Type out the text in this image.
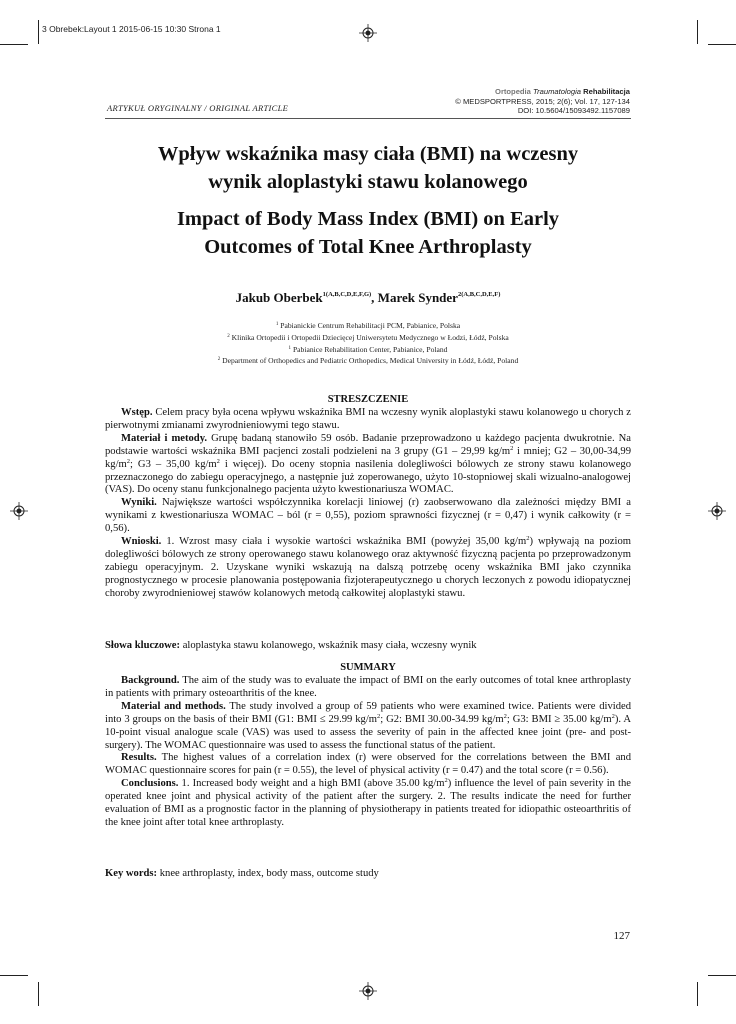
3 Obrebek:Layout 1 2015-06-15 10:30 Strona 1
Ortopedia Traumatologia Rehabilitacja
© MEDSPORTPRESS, 2015; 2(6); Vol. 17, 127-134
DOI: 10.5604/15093492.1157089
ARTYKUŁ ORYGINALNY / ORIGINAL ARTICLE
Wpływ wskaźnika masy ciała (BMI) na wczesny
wynik aloplastyki stawu kolanowego
Impact of Body Mass Index (BMI) on Early
Outcomes of Total Knee Arthroplasty
Jakub Oberbek$^{1(A,B,C,D,E,F,G)}$, Marek Synder$^{2(A,B,C,D,E,F)}$
$^1$ Pabianickie Centrum Rehabilitacji PCM, Pabianice, Polska
$^2$ Klinika Ortopedii i Ortopedii Dziecięcej Uniwersytetu Medycznego w Łodzi, Łódź, Polska
$^1$ Pabianice Rehabilitation Center, Pabianice, Poland
$^2$ Department of Orthopedics and Pediatric Orthopedics, Medical University in Łódź, Łódź, Poland
STRESZCZENIE

Wstęp. Celem pracy była ocena wpływu wskaźnika BMI na wczesny wynik aloplastyki stawu kolanowego u chorych z pierwotnymi zmianami zwyrodnieniowymi tego stawu.

Materiał i metody. Grupę badaną stanowiło 59 osób. Badanie przeprowadzono u każdego pacjenta dwukrotnie. Na podstawie wartości wskaźnika BMI pacjenci zostali podzieleni na 3 grupy (G1 – 29,99 $kg/m^2$ i mniej; G2 – 30,00-34,99 $kg/m^2$; G3 – 35,00 $kg/m^2$ i więcej). Do oceny stopnia nasilenia dolegliwości bólowych ze strony stawu kolanowego przeznaczonego do zabiegu operacyjnego, a następnie już zoperowanego, użyto 10-stopniowej skali wizualno-analogowej (VAS). Do oceny stanu funkcjonalnego pacjenta użyto kwestionariusza WOMAC.

Wyniki. Największe wartości współczynnika korelacji liniowej (r) zaobserwowano dla zależności między BMI a wynikami z kwestionariusza WOMAC – ból (r = 0,55), poziom sprawności fizycznej (r = 0,47) i wynik całkowity (r = 0,56).

Wnioski. 1. Wzrost masy ciała i wysokie wartości wskaźnika BMI (powyżej 35,00 $kg/m^2$) wpływają na poziom dolegliwości bólowych ze strony operowanego stawu kolanowego oraz aktywność fizyczną pacjenta po przeprowadzonym zabiegu operacyjnym. 2. Uzyskane wyniki wskazują na dalszą potrzebę oceny wskaźnika BMI jako czynnika prognostycznego w procesie planowania postępowania fizjoterapeutycznego u chorych leczonych z powodu idiopatycznej choroby zwyrodnieniowej stawów kolanowych metodą całkowitej aloplastyki stawu.

Słowa kluczowe: aloplastyka stawu kolanowego, wskaźnik masy ciała, wczesny wynik
SUMMARY

Background. The aim of the study was to evaluate the impact of BMI on the early outcomes of total knee arthroplasty in patients with primary osteoarthritis of the knee.

Material and methods. The study involved a group of 59 patients who were examined twice. Patients were divided into 3 groups on the basis of their BMI (G1: BMI ≤ 29.99 $kg/m^2$; G2: BMI 30.00-34.99 $kg/m^2$; G3: BMI ≥ 35.00 $kg/m^2$). A 10-point visual analogue scale (VAS) was used to assess the severity of pain in the affected knee joint (pre- and post-surgery). The WOMAC questionnaire was used to assess the functional status of the patient.

Results. The highest values of a correlation index (r) were observed for the correlations between the BMI and WOMAC questionnaire scores for pain (r = 0.55), the level of physical activity (r = 0.47) and the total score (r = 0.56).

Conclusions. 1. Increased body weight and a high BMI (above 35.00 $kg/m^2$) influence the level of pain severity in the operated knee joint and physical activity of the patient after the surgery. 2. The results indicate the need for further evaluation of BMI as a prognostic factor in the planning of physiotherapy in patients treated for idiopathic osteoarthritis of the knee joint after total knee arthroplasty.

Key words: knee arthroplasty, index, body mass, outcome study
127
